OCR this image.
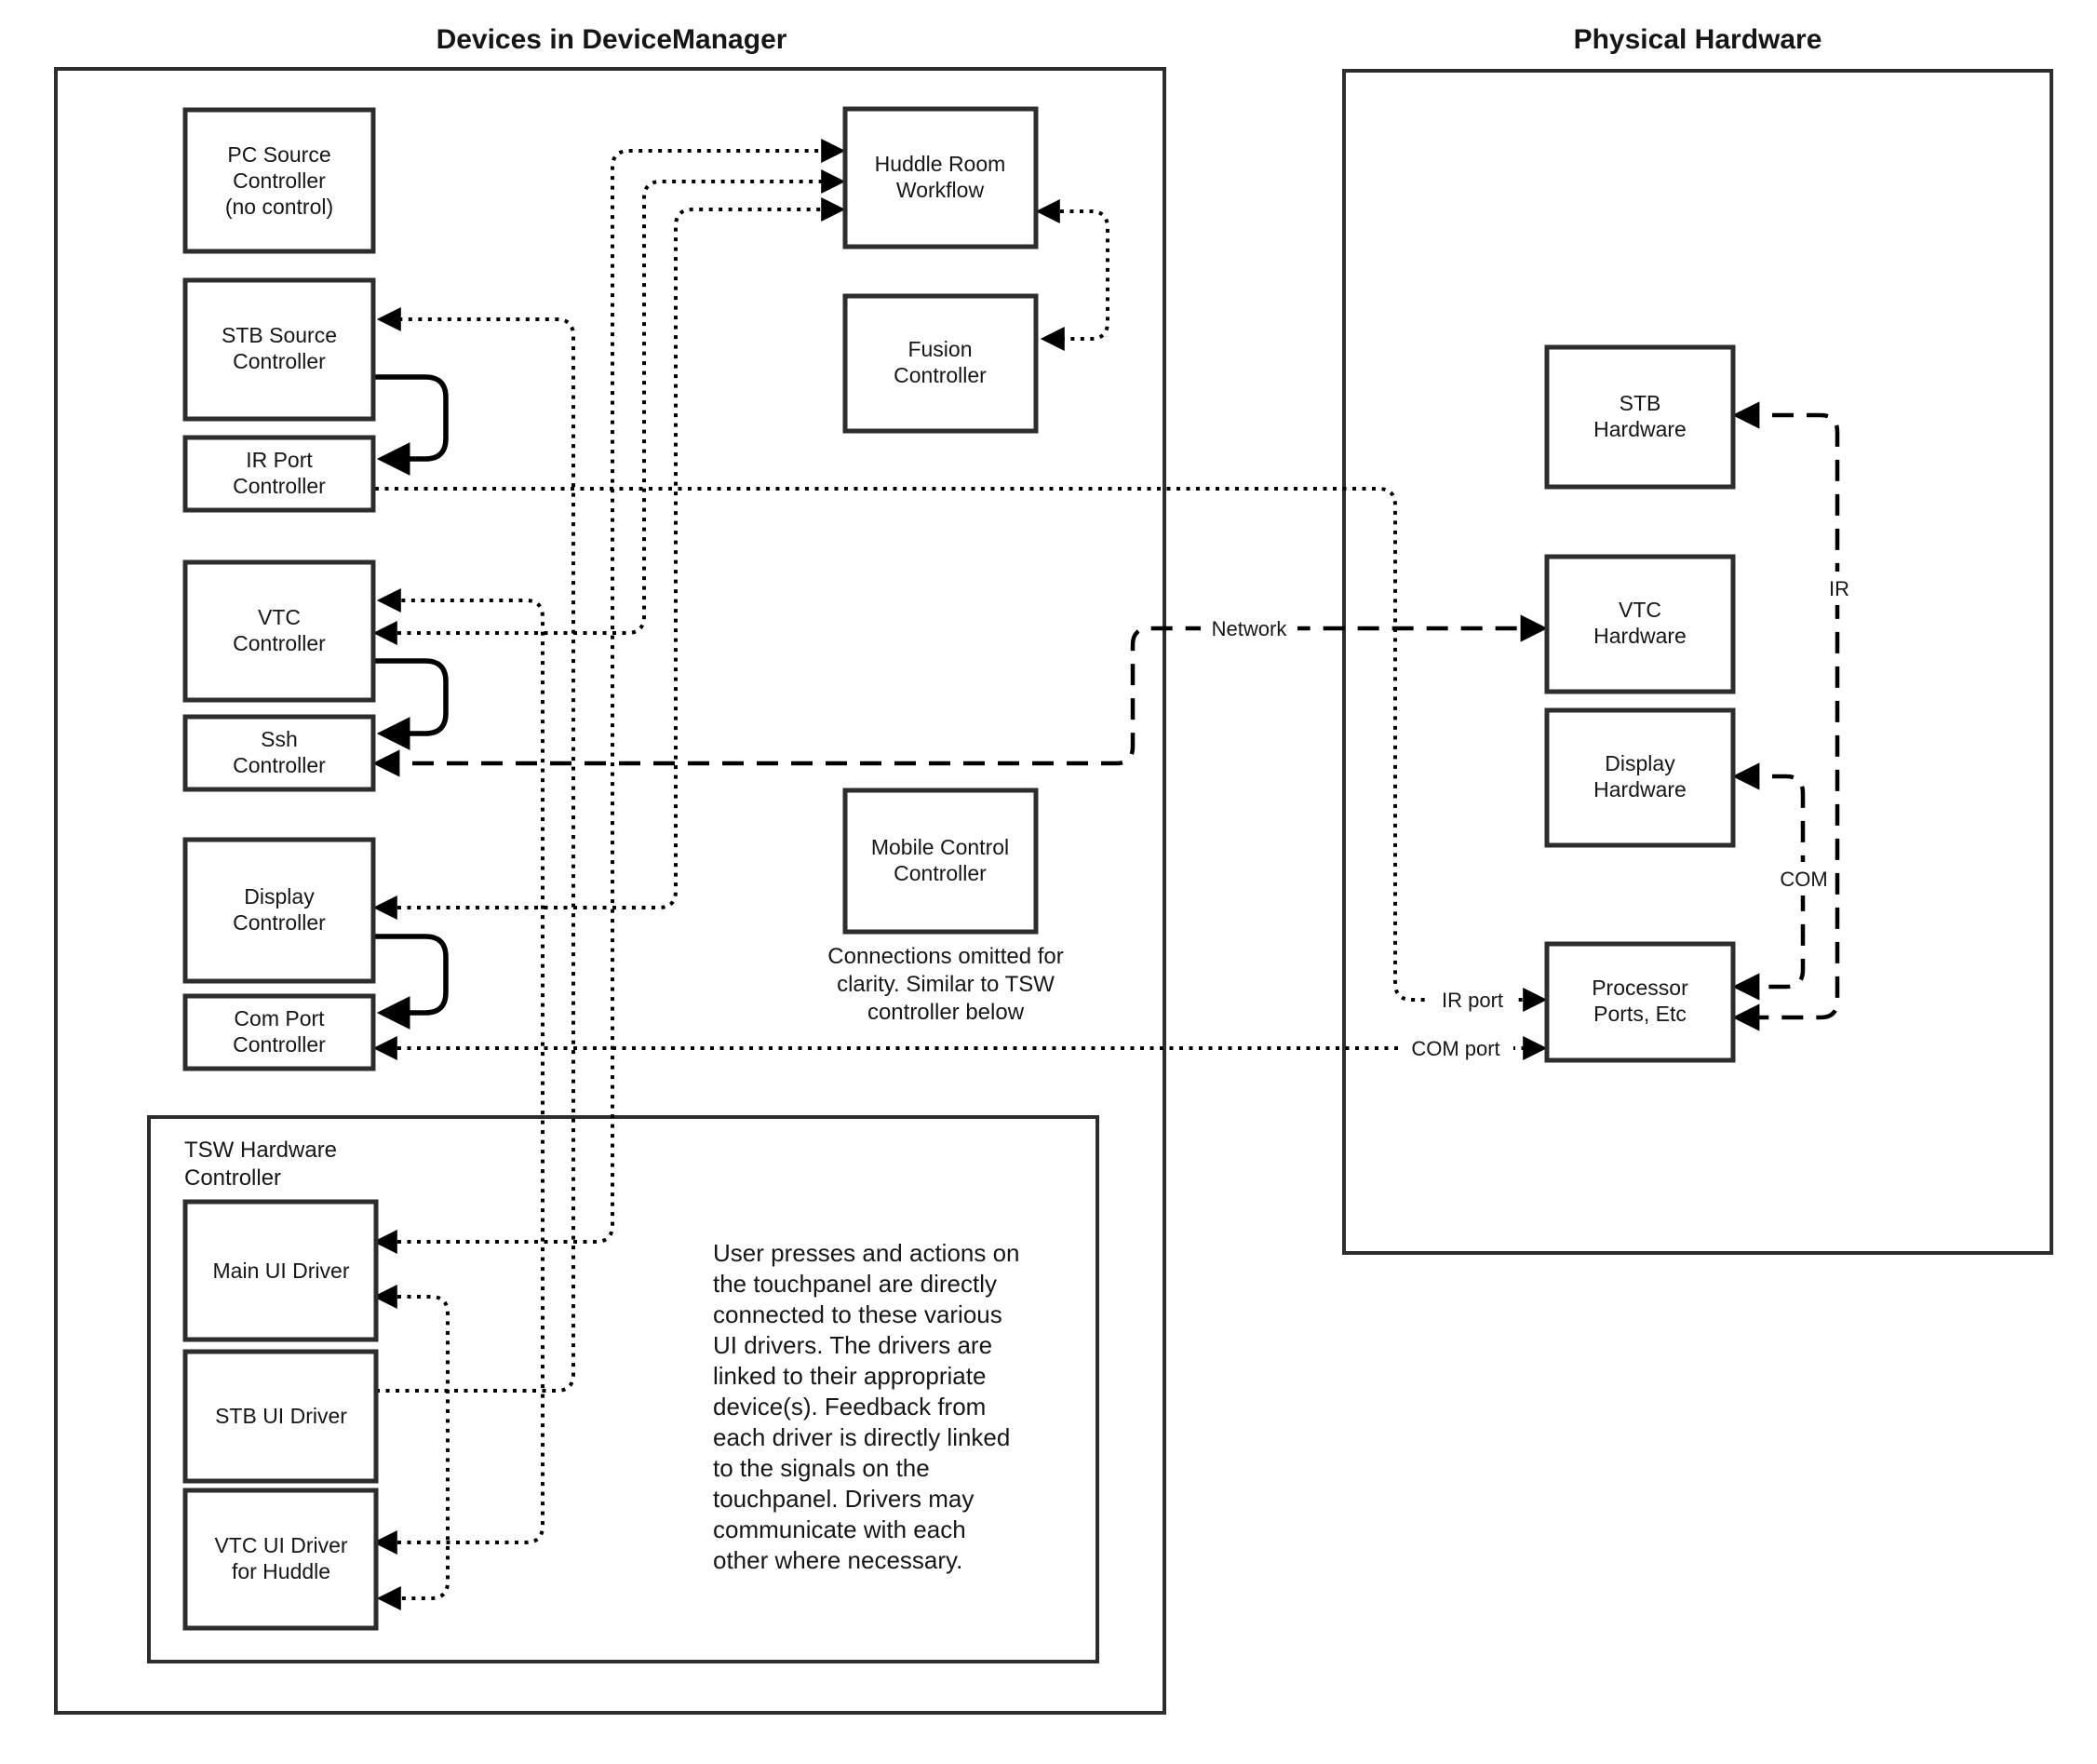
Devices in DeviceManager	Physical Hardware
PC Source
Controller
(no control)
STB Source
Controller
IR Port
Controller
VTC
Controller
Ssh
Controller
Display
Controller
Com Port
Controller
Huddle Room
Workflow
Fusion
Controller
Mobile Control
Controller
Connections omitted for
clarity. Similar to TSW
controller below
TSW Hardware
Controller
Main UI Driver
STB UI Driver
VTC UI Driver
for Huddle
User presses and actions on
the touchpanel are directly
connected to these various
UI drivers. The drivers are
linked to their appropriate
device(s). Feedback from
each driver is directly linked
to the signals on the
touchpanel. Drivers may
communicate with each
other where necessary.
STB
Hardware
VTC
Hardware
Display
Hardware
Processor
Ports, Etc
Network
IR
COM
IR port
COM port
